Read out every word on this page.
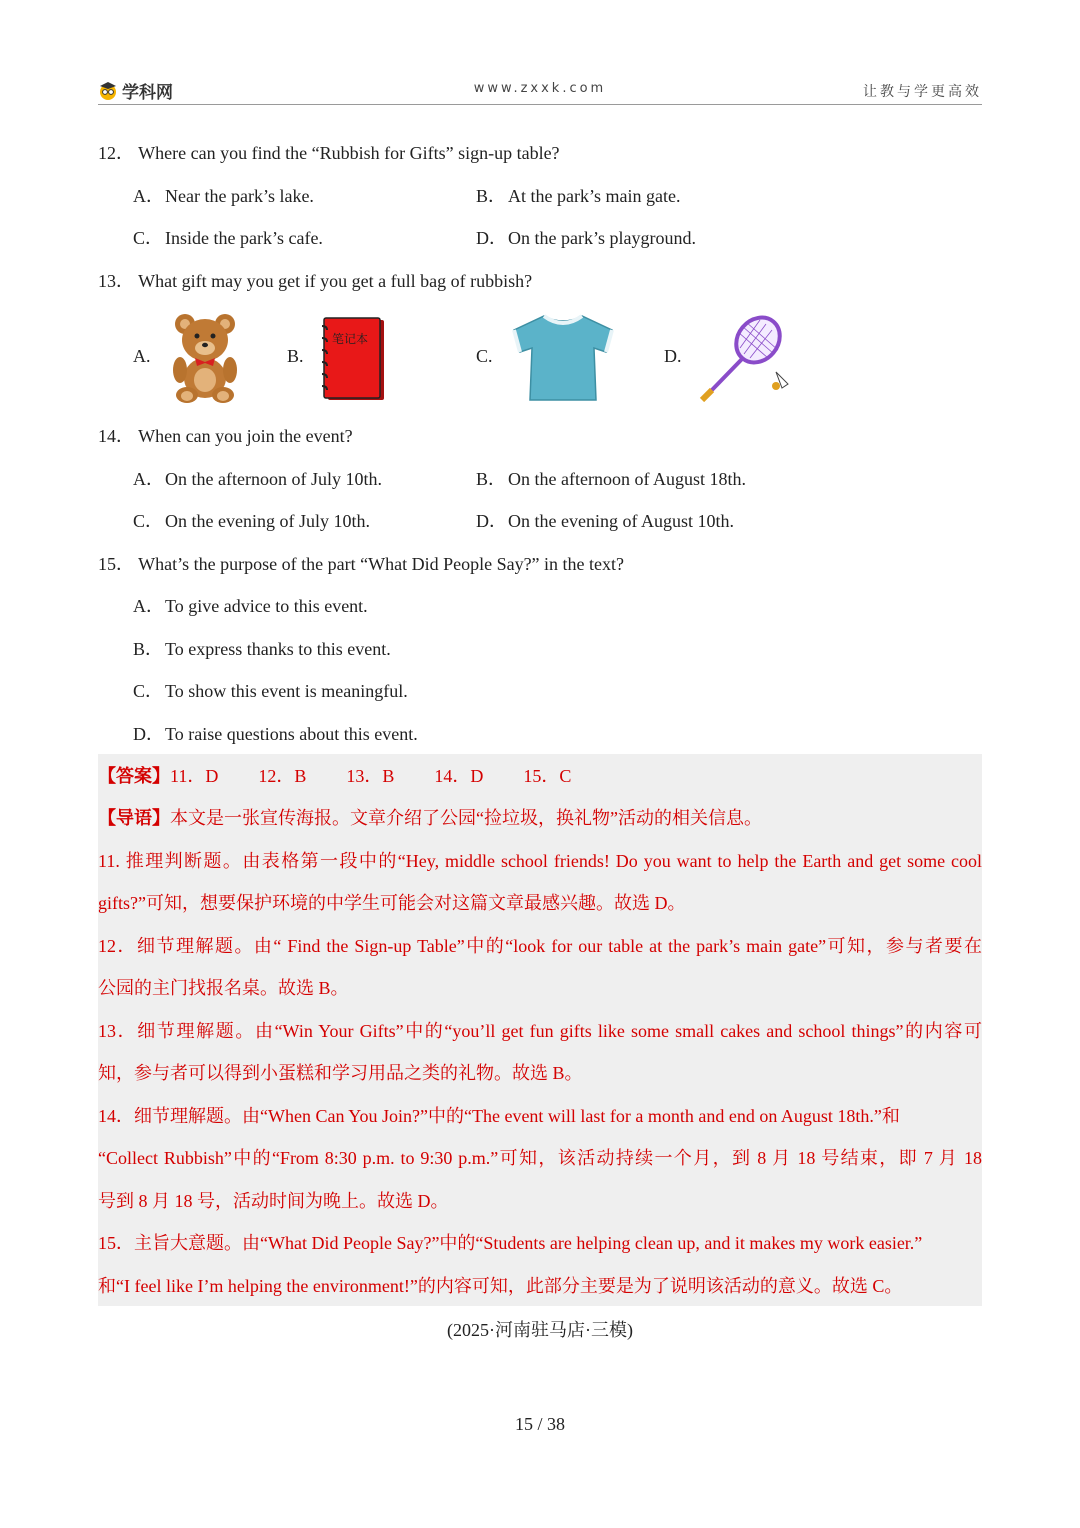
学科网	www.zxxk.com	让教与学更高效
12． Where can you find the “Rubbish for Gifts” sign-up table?
A．Near the park’s lake.	B． At the park’s main gate.
C． Inside the park’s cafe.	D．On the park’s playground.
13． What gift may you get if you get a full bag of rubbish?
A.	B.
笔记本
C.	D.
14． When can you join the event?
A．On the afternoon of July 10th.	B． On the afternoon of August 18th.
C． On the evening of July 10th.	D．On the evening of August 10th.
15． What’s the purpose of the part “What Did People Say?” in the text?
A．To give advice to this event.
B． To express thanks to this event.
C． To show this event is meaningful.
D．To raise questions about this event.
【答案】11．D 12．B 13．B 14．D 15．C
【导语】本文是一张宣传海报。文章介绍了公园“捡垃圾，换礼物”活动的相关信息。
11. 推理判断题。由表格第一段中的“Hey, middle school friends! Do you want to help the Earth and get some cool
gifts?”可知，想要保护环境的中学生可能会对这篇文章最感兴趣。故选 D。
12．细节理解题。由“ Find the Sign-up Table”中的“look for our table at the park’s main gate”可知，参与者要在
公园的主门找报名桌。故选 B。
13．细节理解题。由“Win Your Gifts”中的“you’ll get fun gifts like some small cakes and school things”的内容可
知，参与者可以得到小蛋糕和学习用品之类的礼物。故选 B。
14．细节理解题。由“When Can You Join?”中的“The event will last for a month and end on August 18th.”和
“Collect Rubbish”中的“From 8:30 p.m. to 9:30 p.m.”可知，该活动持续一个月，到 8 月 18 号结束，即 7 月 18
号到 8 月 18 号，活动时间为晚上。故选 D。
15．主旨大意题。由“What Did People Say?”中的“Students are helping clean up, and it makes my work easier.”
和“I feel like I’m helping the environment!”的内容可知，此部分主要是为了说明该活动的意义。故选 C。
(2025·河南驻马店·三模)
15 / 38
